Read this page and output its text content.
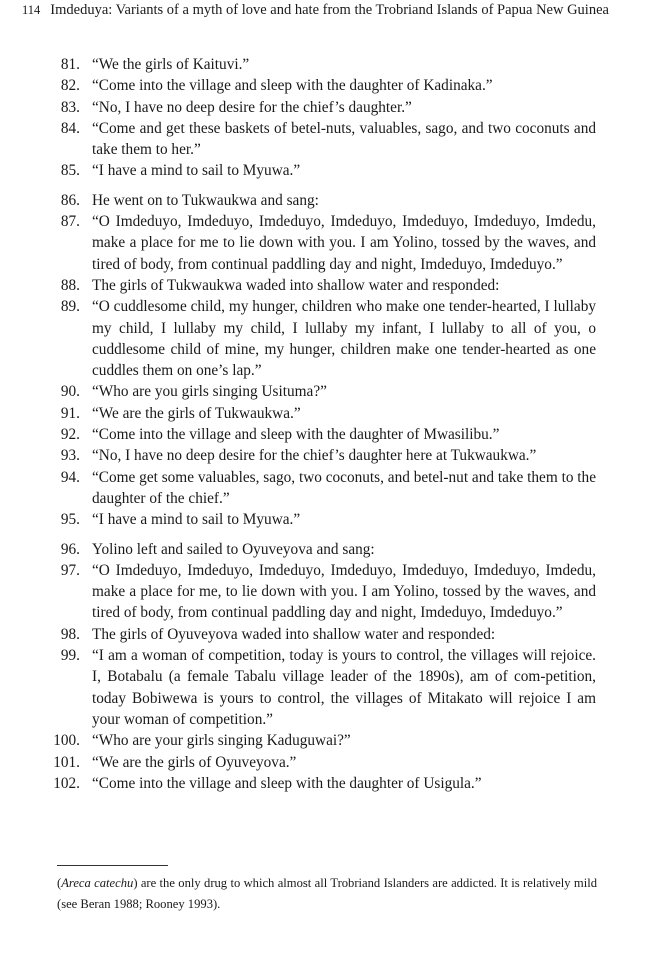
114 Imdeduya: Variants of a myth of love and hate from the Trobriand Islands of Papua New Guinea
81. “We the girls of Kaituvi.”
82. “Come into the village and sleep with the daughter of Kadinaka.”
83. “No, I have no deep desire for the chief’s daughter.”
84. “Come and get these baskets of betel-nuts, valuables, sago, and two coconuts and take them to her.”
85. “I have a mind to sail to Myuwa.”
86. He went on to Tukwaukwa and sang:
87. “O Imdeduyo, Imdeduyo, Imdeduyo, Imdeduyo, Imdeduyo, Imdeduyo, Imdedu, make a place for me to lie down with you. I am Yolino, tossed by the waves, and tired of body, from continual paddling day and night, Imdeduyo, Imdeduyo.”
88. The girls of Tukwaukwa waded into shallow water and responded:
89. “O cuddlesome child, my hunger, children who make one tender-hearted, I lullaby my child, I lullaby my child, I lullaby my infant, I lullaby to all of you, o cuddlesome child of mine, my hunger, children make one tender-hearted as one cuddles them on one’s lap.”
90. “Who are you girls singing Usituma?”
91. “We are the girls of Tukwaukwa.”
92. “Come into the village and sleep with the daughter of Mwasilibu.”
93. “No, I have no deep desire for the chief’s daughter here at Tukwaukwa.”
94. “Come get some valuables, sago, two coconuts, and betel-nut and take them to the daughter of the chief.”
95. “I have a mind to sail to Myuwa.”
96. Yolino left and sailed to Oyuveyova and sang:
97. “O Imdeduyo, Imdeduyo, Imdeduyo, Imdeduyo, Imdeduyo, Imdeduyo, Imdedu, make a place for me, to lie down with you. I am Yolino, tossed by the waves, and tired of body, from continual paddling day and night, Imdeduyo, Imdeduyo.”
98. The girls of Oyuveyova waded into shallow water and responded:
99. “I am a woman of competition, today is yours to control, the villages will rejoice. I, Botabalu (a female Tabalu village leader of the 1890s), am of com-petition, today Bobiwewa is yours to control, the villages of Mitakato will rejoice I am your woman of competition.”
100. “Who are your girls singing Kaduguwai?”
101. “We are the girls of Oyuveyova.”
102. “Come into the village and sleep with the daughter of Usigula.”
(Areca catechu) are the only drug to which almost all Trobriand Islanders are addicted. It is relatively mild (see Beran 1988; Rooney 1993).
